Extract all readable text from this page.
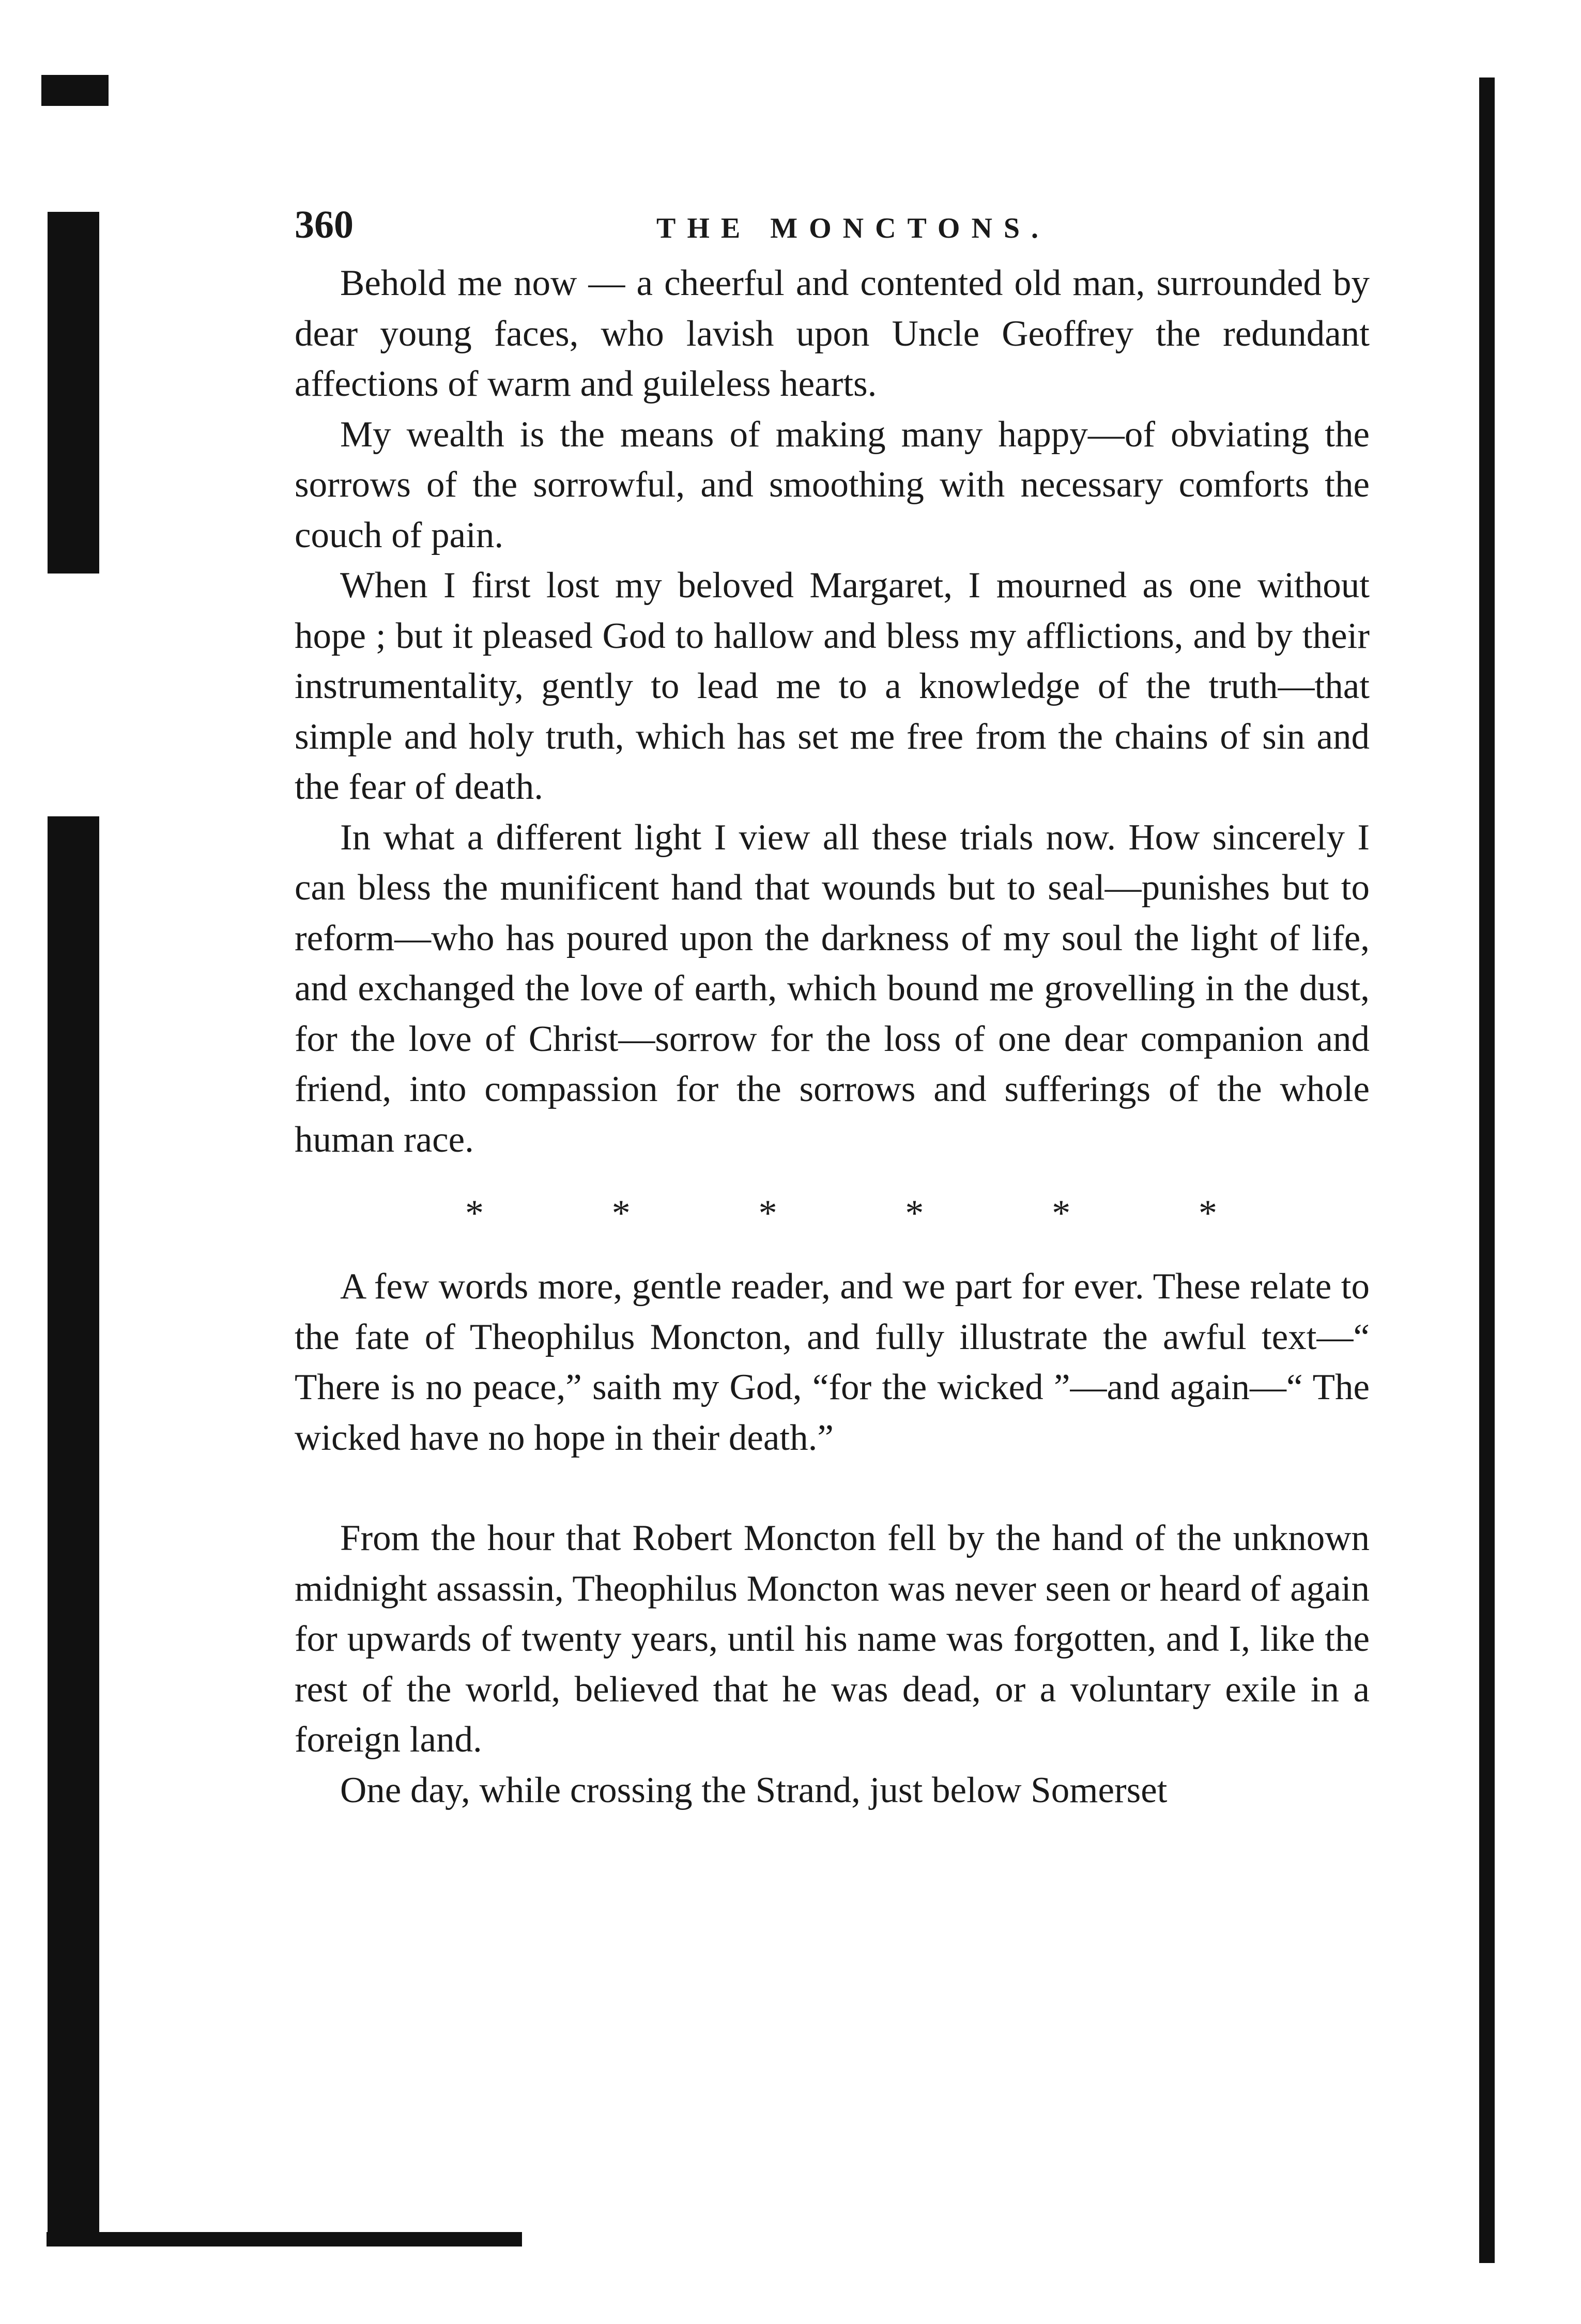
360	THE MONCTONS.

Behold me now — a cheerful and contented old man, surrounded by dear young faces, who lavish upon Uncle Geoffrey the redundant affections of warm and guileless hearts.

My wealth is the means of making many happy—of obviating the sorrows of the sorrowful, and smoothing with necessary comforts the couch of pain.

When I first lost my beloved Margaret, I mourned as one without hope ; but it pleased God to hallow and bless my afflictions, and by their instrumentality, gently to lead me to a knowledge of the truth—that simple and holy truth, which has set me free from the chains of sin and the fear of death.

In what a different light I view all these trials now. How sincerely I can bless the munificent hand that wounds but to seal—punishes but to reform—who has poured upon the darkness of my soul the light of life, and exchanged the love of earth, which bound me grovelling in the dust, for the love of Christ—sorrow for the loss of one dear companion and friend, into compassion for the sorrows and sufferings of the whole human race.

*	*	*	*	*	*

A few words more, gentle reader, and we part for ever. These relate to the fate of Theophilus Moncton, and fully illustrate the awful text—“ There is no peace,” saith my God, “for the wicked ”—and again—“ The wicked have no hope in their death.”

From the hour that Robert Moncton fell by the hand of the unknown midnight assassin, Theophilus Moncton was never seen or heard of again for upwards of twenty years, until his name was forgotten, and I, like the rest of the world, believed that he was dead, or a voluntary exile in a foreign land.

One day, while crossing the Strand, just below Somerset
